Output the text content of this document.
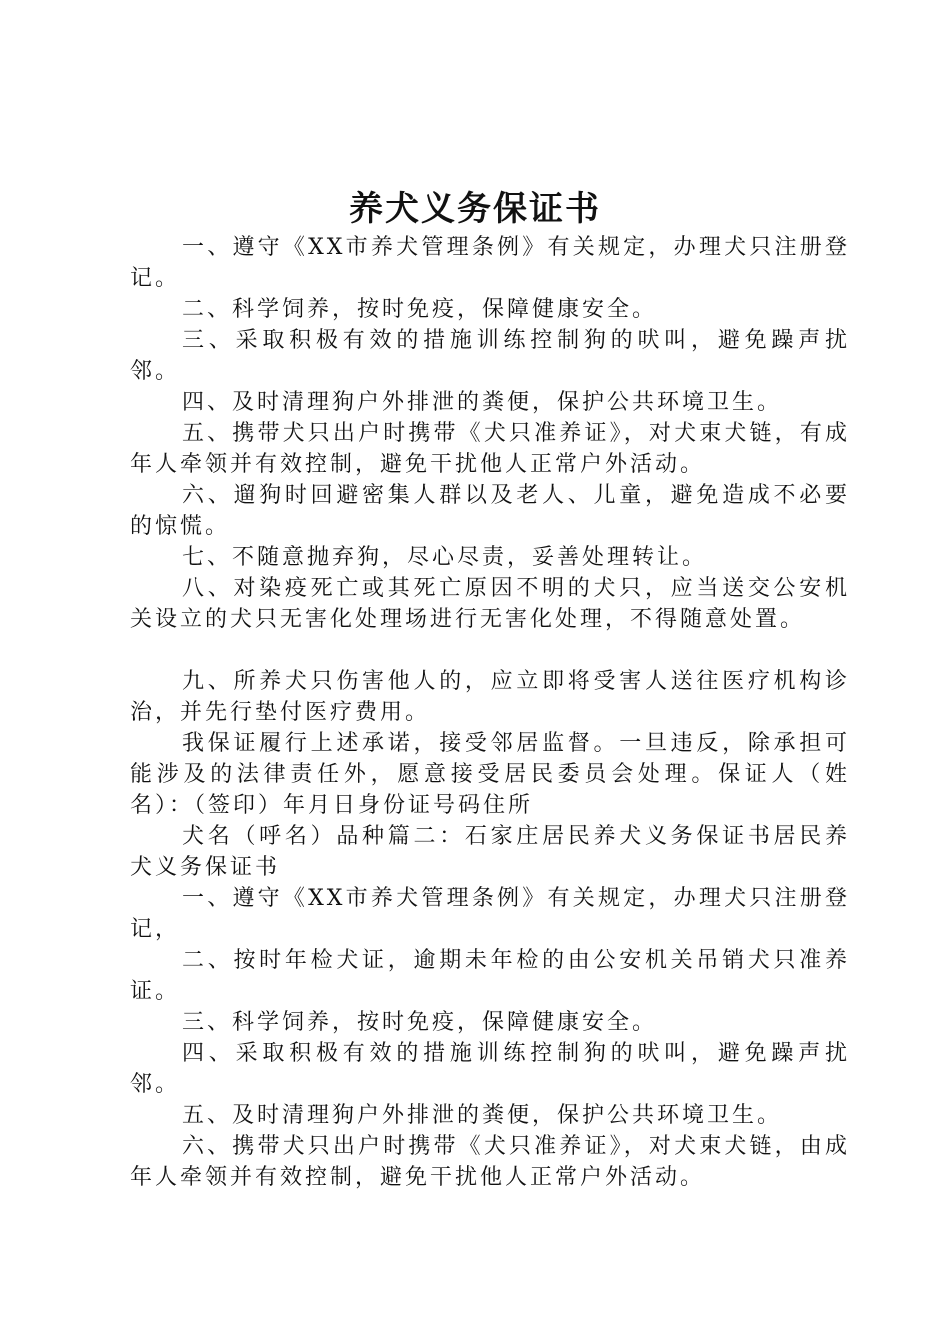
养犬义务保证书

一、遵守《XX市养犬管理条例》有关规定，办理犬只注册登记。

二、科学饲养，按时免疫，保障健康安全。

三、采取积极有效的措施训练控制狗的吠叫，避免躁声扰邻。

四、及时清理狗户外排泄的粪便，保护公共环境卫生。

五、携带犬只出户时携带《犬只准养证》，对犬束犬链，有成年人牵领并有效控制，避免干扰他人正常户外活动。

六、遛狗时回避密集人群以及老人、儿童，避免造成不必要的惊慌。

七、不随意抛弃狗，尽心尽责，妥善处理转让。

八、对染疫死亡或其死亡原因不明的犬只，应当送交公安机关设立的犬只无害化处理场进行无害化处理，不得随意处置。

九、所养犬只伤害他人的，应立即将受害人送往医疗机构诊治，并先行垫付医疗费用。

我保证履行上述承诺，接受邻居监督。一旦违反，除承担可能涉及的法律责任外，愿意接受居民委员会处理。保证人（姓名）：（签印）年月日身份证号码住所

犬名（呼名）品种篇二：石家庄居民养犬义务保证书居民养犬义务保证书

一、遵守《XX市养犬管理条例》有关规定，办理犬只注册登记，

二、按时年检犬证，逾期未年检的由公安机关吊销犬只准养证。

三、科学饲养，按时免疫，保障健康安全。

四、采取积极有效的措施训练控制狗的吠叫，避免躁声扰邻。

五、及时清理狗户外排泄的粪便，保护公共环境卫生。

六、携带犬只出户时携带《犬只准养证》，对犬束犬链，由成年人牵领并有效控制，避免干扰他人正常户外活动。
